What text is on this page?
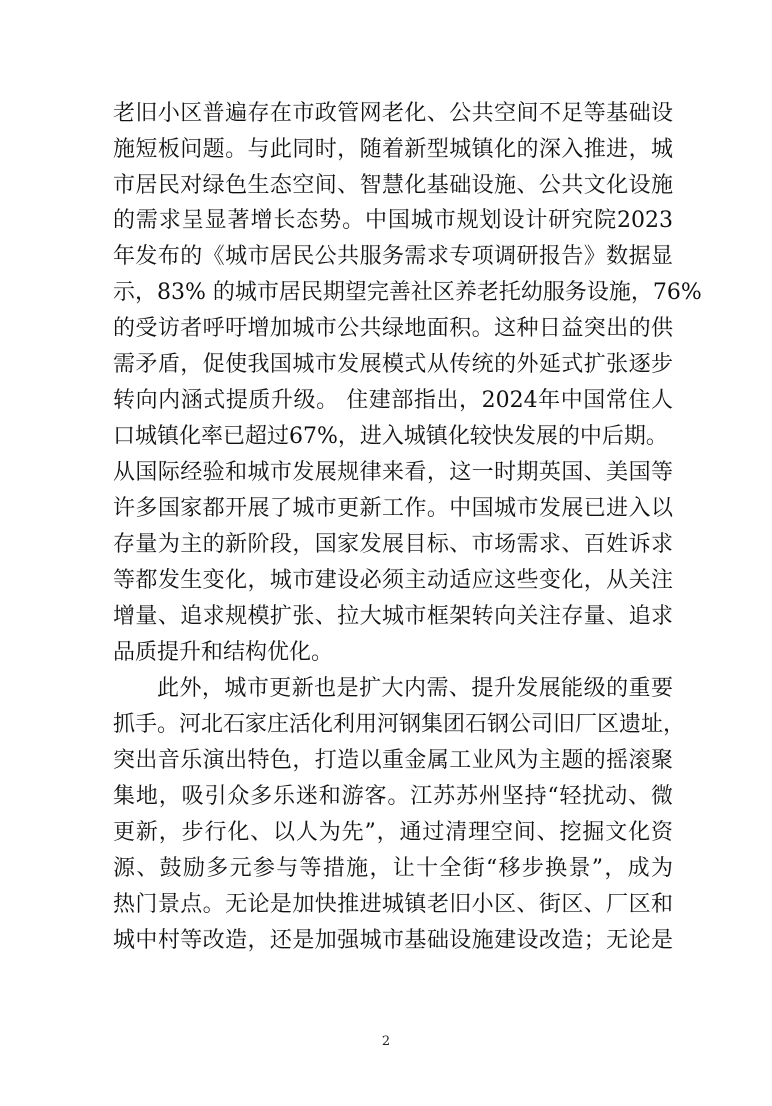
老旧小区普遍存在市政管网老化、公共空间不足等基础设
施短板问题。与此同时，随着新型城镇化的深入推进，城
市居民对绿色生态空间、智慧化基础设施、公共文化设施
的需求呈显著增长态势。中国城市规划设计研究院2023
年发布的《城市居民公共服务需求专项调研报告》数据显
示，83% 的城市居民期望完善社区养老托幼服务设施，76%
的受访者呼吁增加城市公共绿地面积。这种日益突出的供
需矛盾，促使我国城市发展模式从传统的外延式扩张逐步
转向内涵式提质升级。 住建部指出，2024年中国常住人
口城镇化率已超过67%，进入城镇化较快发展的中后期。
从国际经验和城市发展规律来看，这一时期英国、美国等
许多国家都开展了城市更新工作。中国城市发展已进入以
存量为主的新阶段，国家发展目标、市场需求、百姓诉求
等都发生变化，城市建设必须主动适应这些变化，从关注
增量、追求规模扩张、拉大城市框架转向关注存量、追求
品质提升和结构优化。
此外，城市更新也是扩大内需、提升发展能级的重要
抓手。河北石家庄活化利用河钢集团石钢公司旧厂区遗址，
突出音乐演出特色，打造以重金属工业风为主题的摇滚聚
集地，吸引众多乐迷和游客。江苏苏州坚持“轻扰动、微
更新，步行化、以人为先”，通过清理空间、挖掘文化资
源、鼓励多元参与等措施，让十全街“移步换景”，成为
热门景点。无论是加快推进城镇老旧小区、街区、厂区和
城中村等改造，还是加强城市基础设施建设改造；无论是
2
